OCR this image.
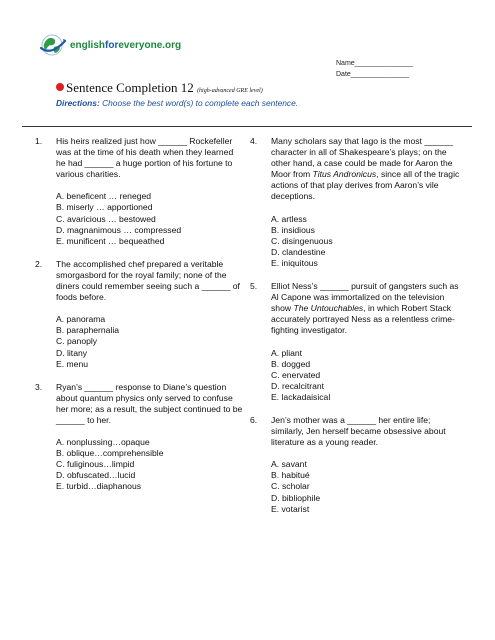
englishforeveryone.org
Name_______________
Date_______________
Sentence Completion 12 (high-advanced GRE level)
Directions: Choose the best word(s) to complete each sentence.
1. His heirs realized just how ______ Rockefeller was at the time of his death when they learned he had ______ a huge portion of his fortune to various charities.

A. beneficent … reneged
B. miserly … apportioned
C. avaricious … bestowed
D. magnanimous … compressed
E. munificent … bequeathed
2. The accomplished chef prepared a veritable smorgasbord for the royal family; none of the diners could remember seeing such a ______ of foods before.

A. panorama
B. paraphernalia
C. panoply
D. litany
E. menu
3. Ryan’s ______ response to Diane’s question about quantum physics only served to confuse her more; as a result, the subject continued to be ______ to her.

A. nonplussing…opaque
B. oblique…comprehensible
C. fuliginous…limpid
D. obfuscated…lucid
E. turbid…diaphanous
4. Many scholars say that Iago is the most ______ character in all of Shakespeare’s plays; on the other hand, a case could be made for Aaron the Moor from Titus Andronicus, since all of the tragic actions of that play derives from Aaron’s vile deceptions.

A. artless
B. insidious
C. disingenuous
D. clandestine
E. iniquitous
5. Elliot Ness’s ______ pursuit of gangsters such as Al Capone was immortalized on the television show The Untouchables, in which Robert Stack accurately portrayed Ness as a relentless crime-fighting investigator.

A. pliant
B. dogged
C. enervated
D. recalcitrant
E. lackadaisical
6. Jen’s mother was a ______ her entire life; similarly, Jen herself became obsessive about literature as a young reader.

A. savant
B. habitué
C. scholar
D. bibliophile
E. votarist
